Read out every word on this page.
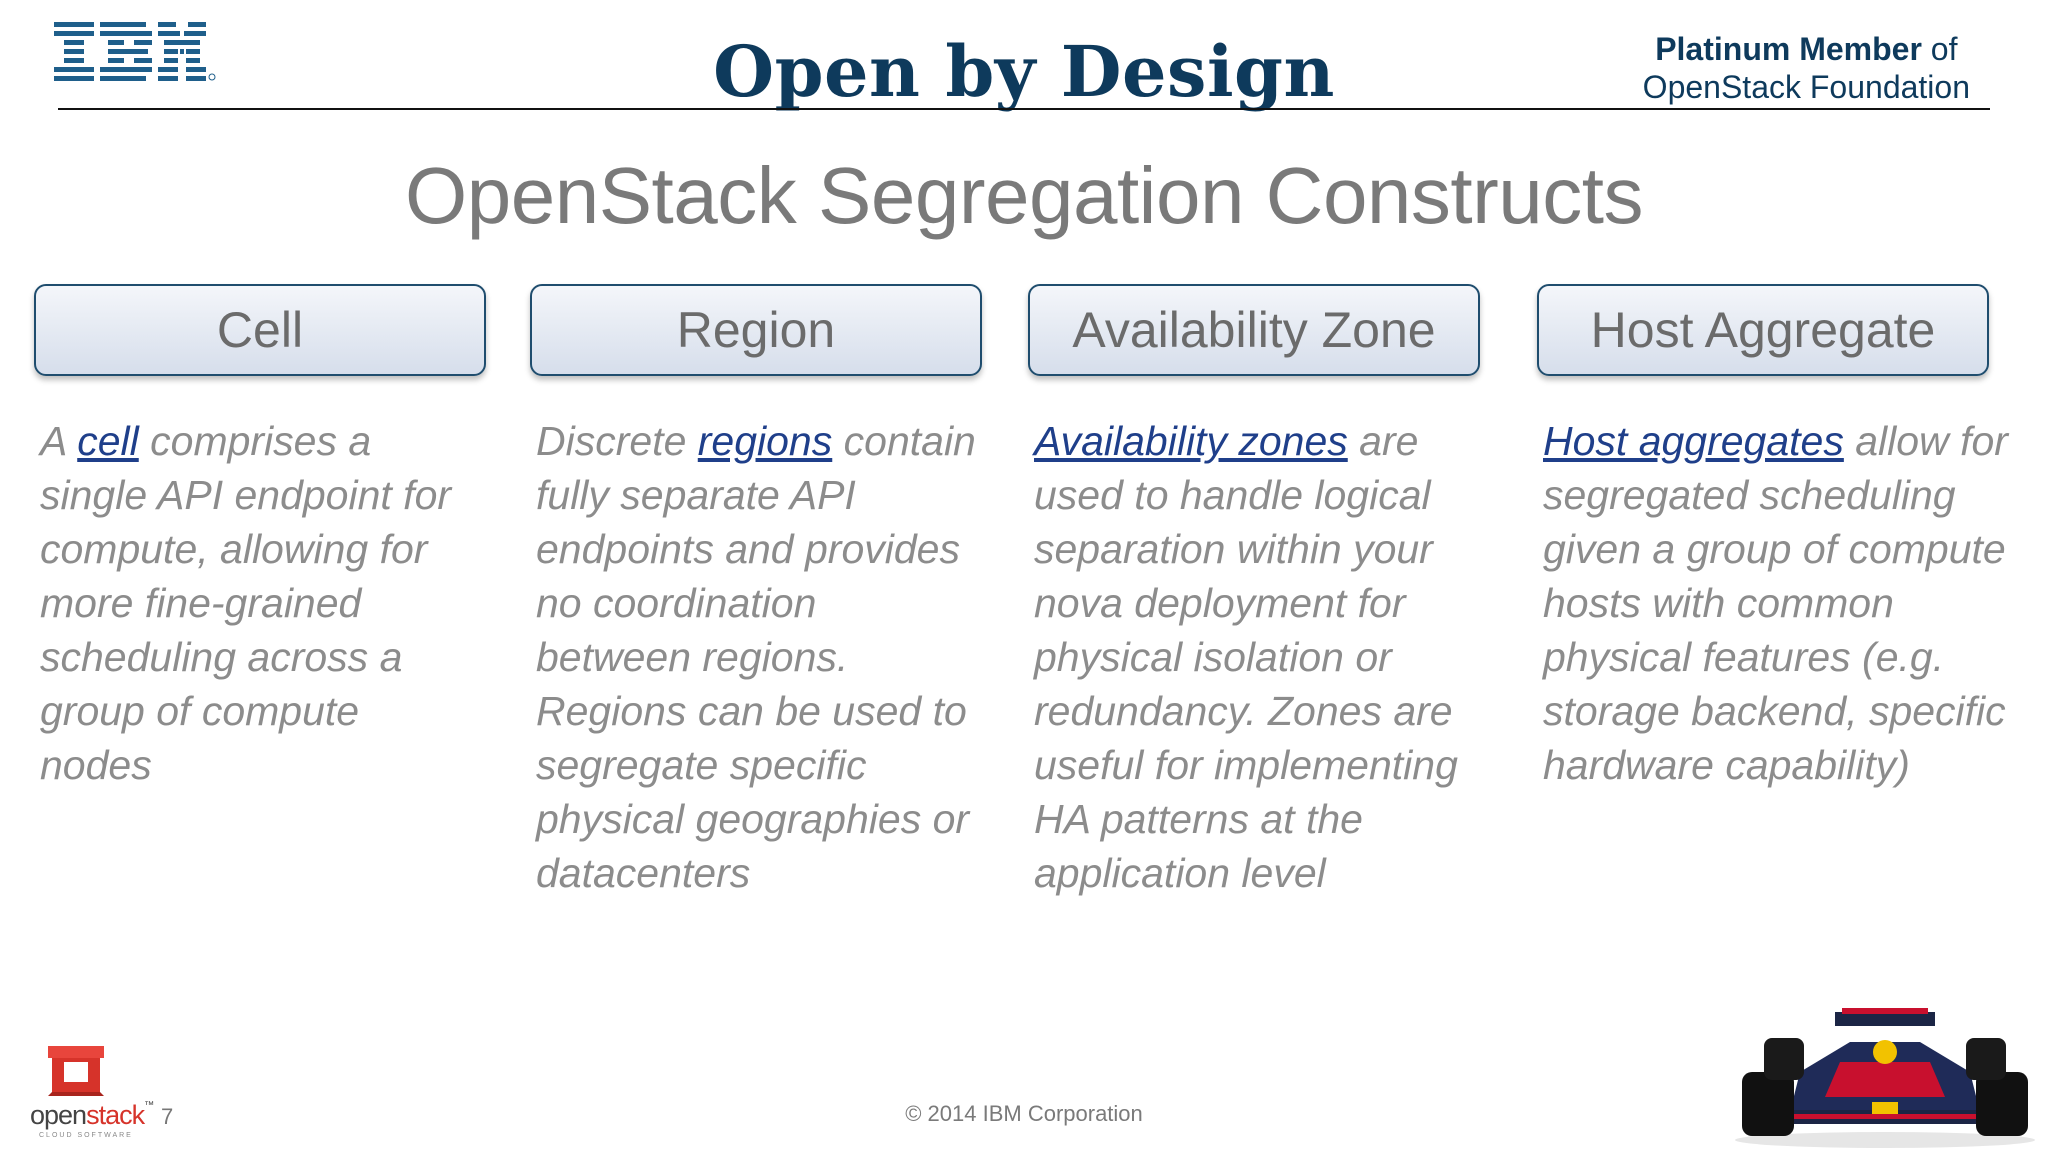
Open by Design	Platinum Member of
OpenStack Foundation
OpenStack Segregation Constructs
Cell
A cell comprises a single API endpoint for compute, allowing for more fine-grained scheduling across a group of compute nodes
Region
Discrete regions contain fully separate API endpoints and provides no coordination between regions. Regions can be used to segregate specific physical geographies or datacenters
Availability Zone
Availability zones are used to handle logical separation within your nova deployment for physical isolation or redundancy. Zones are useful for implementing HA patterns at the application level
Host Aggregate
Host aggregates allow for segregated scheduling given a group of compute hosts with common physical features (e.g. storage backend, specific hardware capability)
openstack™
CLOUD SOFTWARE
7	© 2014 IBM Corporation
